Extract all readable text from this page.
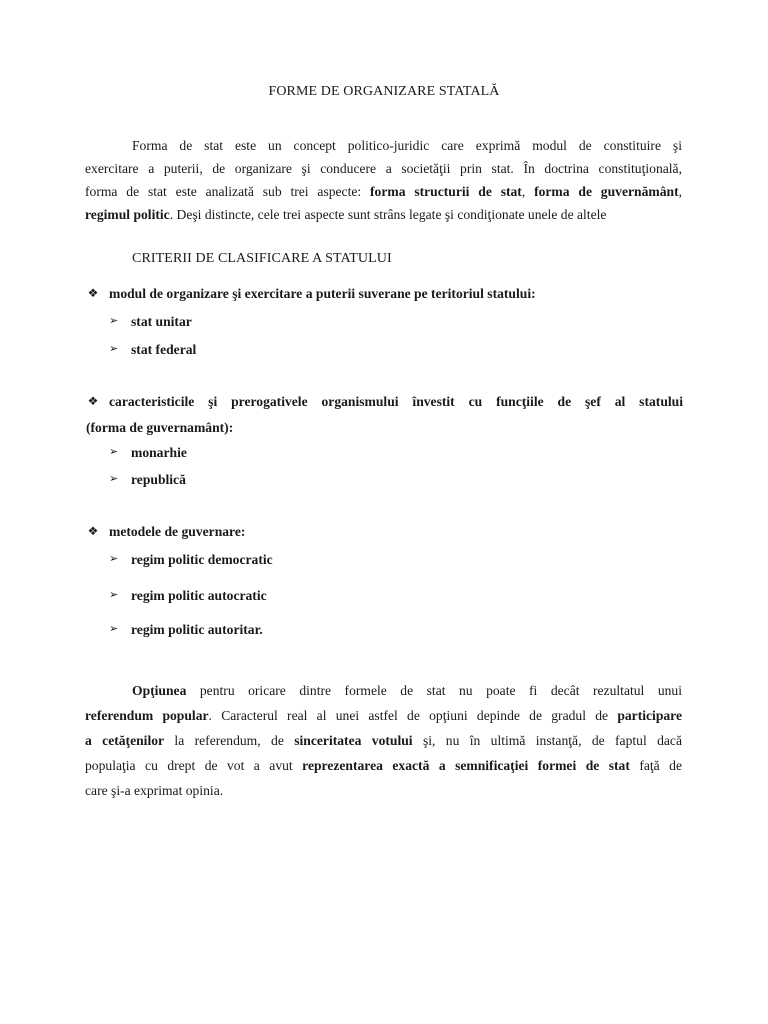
FORME DE ORGANIZARE STATALĂ
Forma de stat este un concept politico-juridic care exprimă modul de constituire şi
exercitare a puterii, de organizare şi conducere a societăţii prin stat. În doctrina constituţională,
forma de stat este analizată sub trei aspecte: forma structurii de stat, forma de guvernământ,
regimul politic. Deşi distincte, cele trei aspecte sunt strâns legate şi condiţionate unele de altele
CRITERII DE CLASIFICARE A STATULUI
❖ modul de organizare şi exercitare a puterii suverane pe teritoriul statului:
➢ stat unitar
➢ stat federal
❖ caracteristicile şi prerogativele organismului învestit cu funcţiile de şef al statului
(forma de guvernamânt):
➢ monarhie
➢ republică
❖ metodele de guvernare:
➢ regim politic democratic
➢ regim politic autocratic
➢ regim politic autoritar.
Opţiunea pentru oricare dintre formele de stat nu poate fi decât rezultatul unui
referendum popular. Caracterul real al unei astfel de opţiuni depinde de gradul de participare
a cetăţenilor la referendum, de sinceritatea votului şi, nu în ultimă instanţă, de faptul dacă
populaţia cu drept de vot a avut reprezentarea exactă a semnificaţiei formei de stat faţă de
care şi-a exprimat opinia.
